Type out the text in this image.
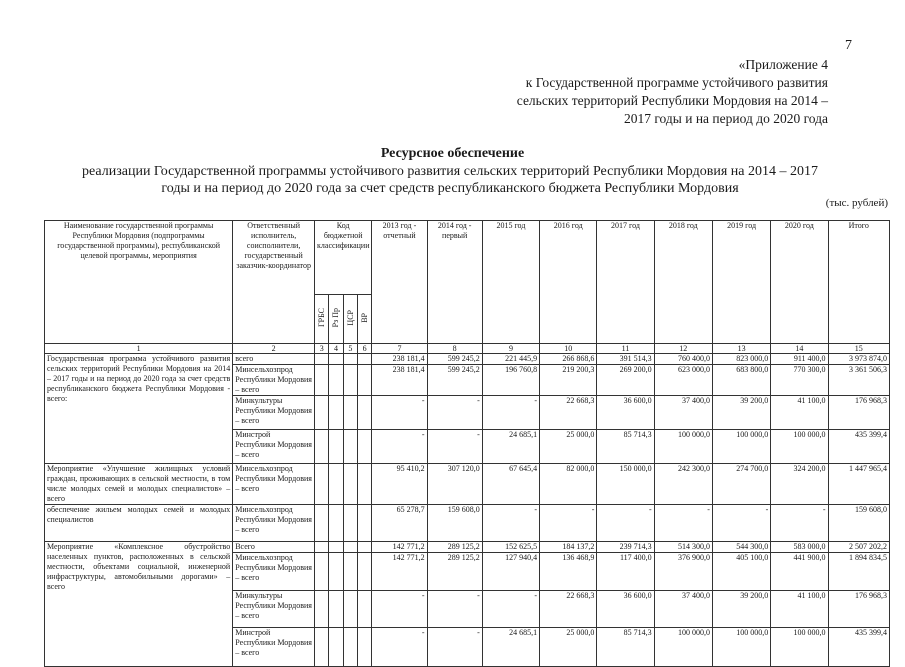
7
«Приложение 4
к Государственной программе устойчивого развития
сельских территорий Республики Мордовия на 2014 –
2017 годы и на период до 2020 года
Ресурсное обеспечение
реализации Государственной программы устойчивого развития сельских территорий Республики Мордовия на 2014 – 2017
годы и на период до 2020 года за счет средств республиканского бюджета Республики Мордовия
(тыс. рублей)
Наименование государственной программы Республики Мордовия (подпрограммы государственной программы), республиканской целевой программы, мероприятия	Ответственный исполнитель, соисполнители, государственный заказчик-координатор	Код бюджетной классификации				2013 год - отчетный	2014 год - первый	2015 год	2016 год	2017 год	2018 год	2019 год	2020 год	Итого
		ГРБС	Рз Пр	ЦСР	ВР									
1	2	3	4	5	6	7	8	9	10	11	12	13	14	15
Государственная программа устойчивого развития сельских территорий Республики Мордовия на 2014 – 2017 годы и на период до 2020 года за счет средств республиканского бюджета Республики Мордовия - всего:	всего					238 181,4	599 245,2	221 445,9	266 868,6	391 514,3	760 400,0	823 000,0	911 400,0	3 973 874,0
	Минсельхозпрод Республики Мордовия – всего					238 181,4	599 245,2	196 760,8	219 200,3	269 200,0	623 000,0	683 800,0	770 300,0	3 361 506,3
	Минкультуры Республики Мордовия – всего					-	-	-	22 668,3	36 600,0	37 400,0	39 200,0	41 100,0	176 968,3
	Минстрой Республики Мордовия – всего					-	-	24 685,1	25 000,0	85 714,3	100 000,0	100 000,0	100 000,0	435 399,4
Мероприятие «Улучшение жилищных условий граждан, проживающих в сельской местности, в том числе молодых семей и молодых специалистов» – всего	Минсельхозпрод Республики Мордовия – всего					95 410,2	307 120,0	67 645,4	82 000,0	150 000,0	242 300,0	274 700,0	324 200,0	1 447 965,4
обеспечение жильем молодых семей и молодых специалистов	Минсельхозпрод Республики Мордовия – всего					65 278,7	159 608,0	-	-	-	-	-	-	159 608,0
Мероприятие «Комплексное обустройство населенных пунктов, расположенных в сельской местности, объектами социальной, инженерной инфраструктуры, автомобильными дорогами» – всего	Всего					142 771,2	289 125,2	152 625,5	184 137,2	239 714,3	514 300,0	544 300,0	583 000,0	2 507 202,2
	Минсельхозпрод Республики Мордовия – всего					142 771,2	289 125,2	127 940,4	136 468,9	117 400,0	376 900,0	405 100,0	441 900,0	1 894 834,5
	Минкультуры Республики Мордовия – всего					-	-	-	22 668,3	36 600,0	37 400,0	39 200,0	41 100,0	176 968,3
	Минстрой Республики Мордовия – всего					-	-	24 685,1	25 000,0	85 714,3	100 000,0	100 000,0	100 000,0	435 399,4
